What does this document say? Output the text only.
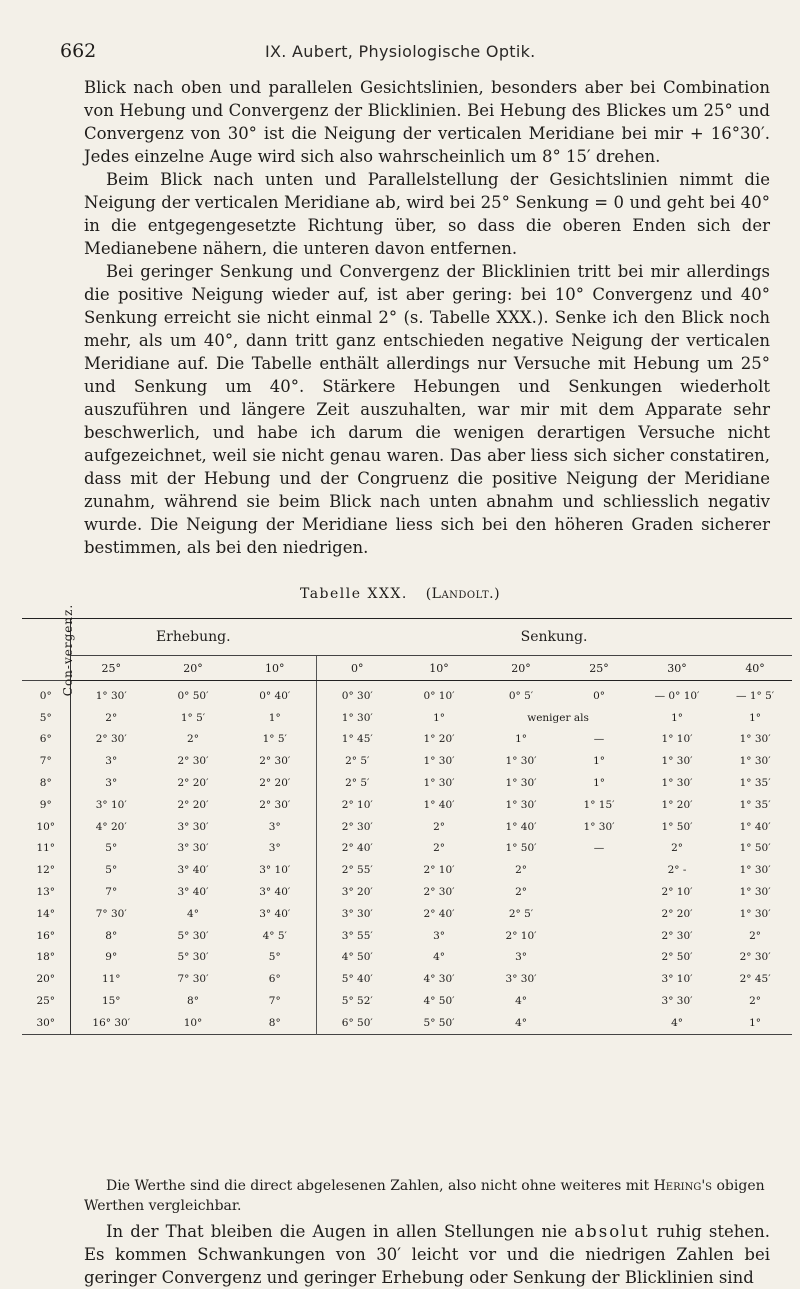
662	IX. Aubert, Physiologische Optik.

Blick nach oben und parallelen Gesichtslinien, besonders aber bei Combination von Hebung und Convergenz der Blicklinien. Bei Hebung des Blickes um 25° und Convergenz von 30° ist die Neigung der verticalen Meridiane bei mir + 16°30′. Jedes einzelne Auge wird sich also wahrscheinlich um 8° 15′ drehen.

Beim Blick nach unten und Parallelstellung der Gesichtslinien nimmt die Neigung der verticalen Meridiane ab, wird bei 25° Senkung = 0 und geht bei 40° in die entgegengesetzte Richtung über, so dass die oberen Enden sich der Medianebene nähern, die unteren davon entfernen.

Bei geringer Senkung und Convergenz der Blicklinien tritt bei mir allerdings die positive Neigung wieder auf, ist aber gering: bei 10° Convergenz und 40° Senkung erreicht sie nicht einmal 2° (s. Tabelle XXX.). Senke ich den Blick noch mehr, als um 40°, dann tritt ganz entschieden negative Neigung der verticalen Meridiane auf. Die Tabelle enthält allerdings nur Versuche mit Hebung um 25° und Senkung um 40°. Stärkere Hebungen und Senkungen wiederholt auszuführen und längere Zeit auszuhalten, war mir mit dem Apparate sehr beschwerlich, und habe ich darum die wenigen derartigen Versuche nicht aufgezeichnet, weil sie nicht genau waren. Das aber liess sich sicher constatiren, dass mit der Hebung und der Congruenz die positive Neigung der Meridiane zunahm, während sie beim Blick nach unten abnahm und schliesslich negativ wurde. Die Neigung der Meridiane liess sich bei den höheren Graden sicherer bestimmen, als bei den niedrigen.

Tabelle XXX. (Landolt.)
Con-vergenz.	Erhebung.			Senkung.					
	25°	20°	10°	0°	10°	20°	25°	30°	40°
0°	1° 30′	0° 50′	0° 40′	0° 30′	0° 10′	0° 5′	0°	— 0° 10′	— 1° 5′
5°	2°	1° 5′	1°	1° 30′	1°	weniger als		1°	1°
6°	2° 30′	2°	1° 5′	1° 45′	1° 20′	1°	—	1° 10′	1° 30′
7°	3°	2° 30′	2° 30′	2° 5′	1° 30′	1° 30′	1°	1° 30′	1° 30′
8°	3°	2° 20′	2° 20′	2° 5′	1° 30′	1° 30′	1°	1° 30′	1° 35′
9°	3° 10′	2° 20′	2° 30′	2° 10′	1° 40′	1° 30′	1° 15′	1° 20′	1° 35′
10°	4° 20′	3° 30′	3°	2° 30′	2°	1° 40′	1° 30′	1° 50′	1° 40′
11°	5°	3° 30′	3°	2° 40′	2°	1° 50′	—	2°	1° 50′
12°	5°	3° 40′	3° 10′	2° 55′	2° 10′	2°		2° -	1° 30′
13°	7°	3° 40′	3° 40′	3° 20′	2° 30′	2°		2° 10′	1° 30′
14°	7° 30′	4°	3° 40′	3° 30′	2° 40′	2° 5′		2° 20′	1° 30′
16°	8°	5° 30′	4° 5′	3° 55′	3°	2° 10′		2° 30′	2°
18°	9°	5° 30′	5°	4° 50′	4°	3°		2° 50′	2° 30′
20°	11°	7° 30′	6°	5° 40′	4° 30′	3° 30′		3° 10′	2° 45′
25°	15°	8°	7°	5° 52′	4° 50′	4°		3° 30′	2°
30°	16° 30′	10°	8°	6° 50′	5° 50′	4°		4°	1°

Die Werthe sind die direct abgelesenen Zahlen, also nicht ohne weiteres mit Hering's obigen Werthen vergleichbar.

In der That bleiben die Augen in allen Stellungen nie absolut ruhig stehen. Es kommen Schwankungen von 30′ leicht vor und die niedrigen Zahlen bei geringer Convergenz und geringer Erhebung oder Senkung der Blicklinien sind
